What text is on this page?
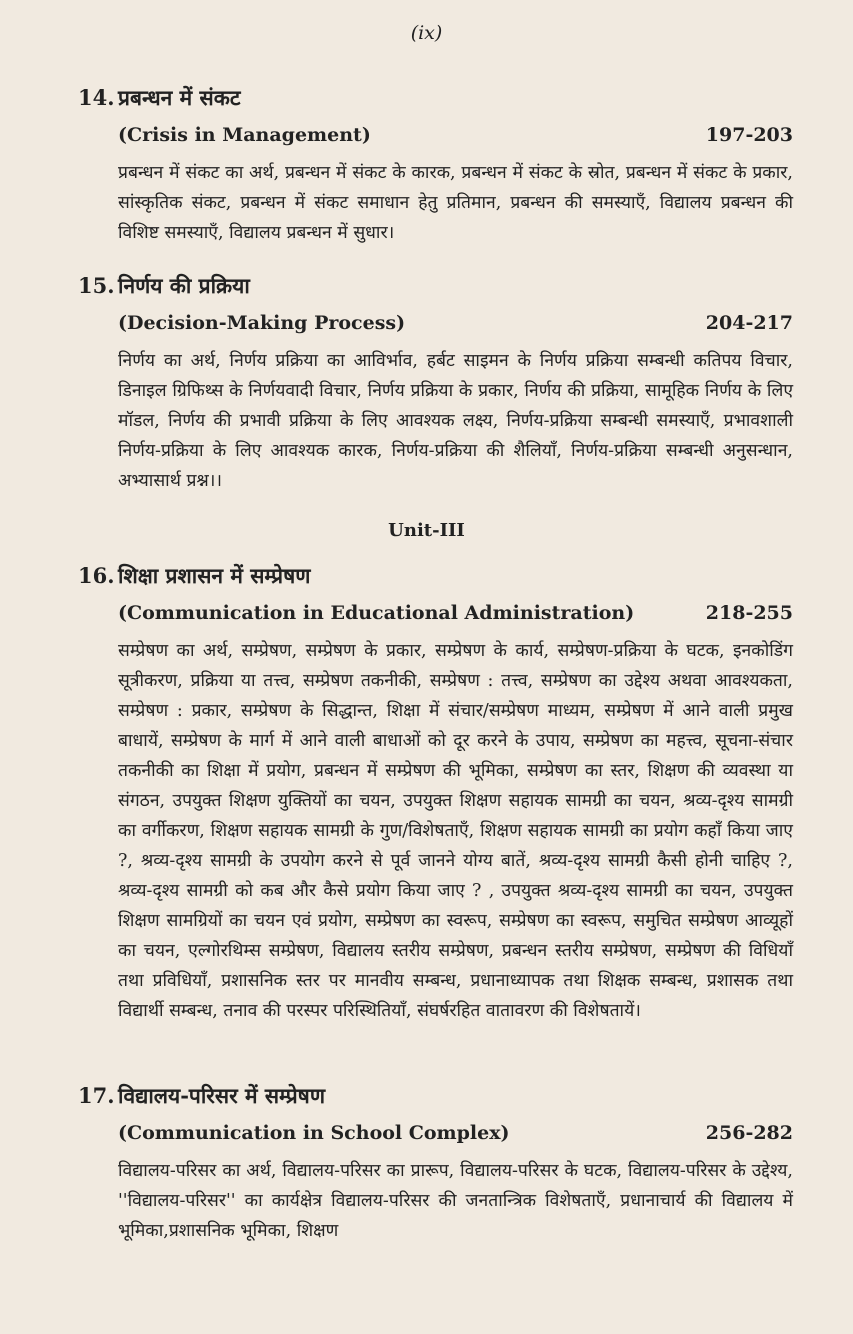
(ix)
14. प्रबन्धन में संकट
(Crisis in Management)	197-203
प्रबन्धन में संकट का अर्थ, प्रबन्धन में संकट के कारक, प्रबन्धन में संकट के स्रोत, प्रबन्धन में संकट के प्रकार, सांस्कृतिक संकट, प्रबन्धन में संकट समाधान हेतु प्रतिमान, प्रबन्धन की समस्याएँ, विद्यालय प्रबन्धन की विशिष्ट समस्याएँ, विद्यालय प्रबन्धन में सुधार।
15. निर्णय की प्रक्रिया
(Decision-Making Process)	204-217
निर्णय का अर्थ, निर्णय प्रक्रिया का आविर्भाव, हर्बट साइमन के निर्णय प्रक्रिया सम्बन्धी कतिपय विचार, डिनाइल ग्रिफिथ्स के निर्णयवादी विचार, निर्णय प्रक्रिया के प्रकार, निर्णय की प्रक्रिया, सामूहिक निर्णय के लिए मॉडल, निर्णय की प्रभावी प्रक्रिया के लिए आवश्यक लक्ष्य, निर्णय-प्रक्रिया सम्बन्धी समस्याएँ, प्रभावशाली निर्णय-प्रक्रिया के लिए आवश्यक कारक, निर्णय-प्रक्रिया की शैलियाँ, निर्णय-प्रक्रिया सम्बन्धी अनुसन्धान, अभ्यासार्थ प्रश्न।।
Unit-III
16. शिक्षा प्रशासन में सम्प्रेषण
(Communication in Educational Administration)	218-255
सम्प्रेषण का अर्थ, सम्प्रेषण, सम्प्रेषण के प्रकार, सम्प्रेषण के कार्य, सम्प्रेषण-प्रक्रिया के घटक, इनकोडिंग सूत्रीकरण, प्रक्रिया या तत्त्व, सम्प्रेषण तकनीकी, सम्प्रेषण : तत्त्व, सम्प्रेषण का उद्देश्य अथवा आवश्यकता, सम्प्रेषण : प्रकार, सम्प्रेषण के सिद्धान्त, शिक्षा में संचार/सम्प्रेषण माध्यम, सम्प्रेषण में आने वाली प्रमुख बाधायें, सम्प्रेषण के मार्ग में आने वाली बाधाओं को दूर करने के उपाय, सम्प्रेषण का महत्त्व, सूचना-संचार तकनीकी का शिक्षा में प्रयोग, प्रबन्धन में सम्प्रेषण की भूमिका, सम्प्रेषण का स्तर, शिक्षण की व्यवस्था या संगठन, उपयुक्त शिक्षण युक्तियों का चयन, उपयुक्त शिक्षण सहायक सामग्री का चयन, श्रव्य-दृश्य सामग्री का वर्गीकरण, शिक्षण सहायक सामग्री के गुण/विशेषताएँ, शिक्षण सहायक सामग्री का प्रयोग कहाँ किया जाए ?, श्रव्य-दृश्य सामग्री के उपयोग करने से पूर्व जानने योग्य बातें, श्रव्य-दृश्य सामग्री कैसी होनी चाहिए ?, श्रव्य-दृश्य सामग्री को कब और कैसे प्रयोग किया जाए ? , उपयुक्त श्रव्य-दृश्य सामग्री का चयन, उपयुक्त शिक्षण सामग्रियों का चयन एवं प्रयोग, सम्प्रेषण का स्वरूप, सम्प्रेषण का स्वरूप, समुचित सम्प्रेषण आव्यूहों का चयन, एल्गोरथिम्स सम्प्रेषण, विद्यालय स्तरीय सम्प्रेषण, प्रबन्धन स्तरीय सम्प्रेषण, सम्प्रेषण की विधियाँ तथा प्रविधियाँ, प्रशासनिक स्तर पर मानवीय सम्बन्ध, प्रधानाध्यापक तथा शिक्षक सम्बन्ध, प्रशासक तथा विद्यार्थी सम्बन्ध, तनाव की परस्पर परिस्थितियाँ, संघर्षरहित वातावरण की विशेषतायें।
17. विद्यालय-परिसर में सम्प्रेषण
(Communication in School Complex)	256-282
विद्यालय-परिसर का अर्थ, विद्यालय-परिसर का प्रारूप, विद्यालय-परिसर के घटक, विद्यालय-परिसर के उद्देश्य, ''विद्यालय-परिसर'' का कार्यक्षेत्र विद्यालय-परिसर की जनतान्त्रिक विशेषताएँ, प्रधानाचार्य की विद्यालय में भूमिका,प्रशासनिक भूमिका, शिक्षण
